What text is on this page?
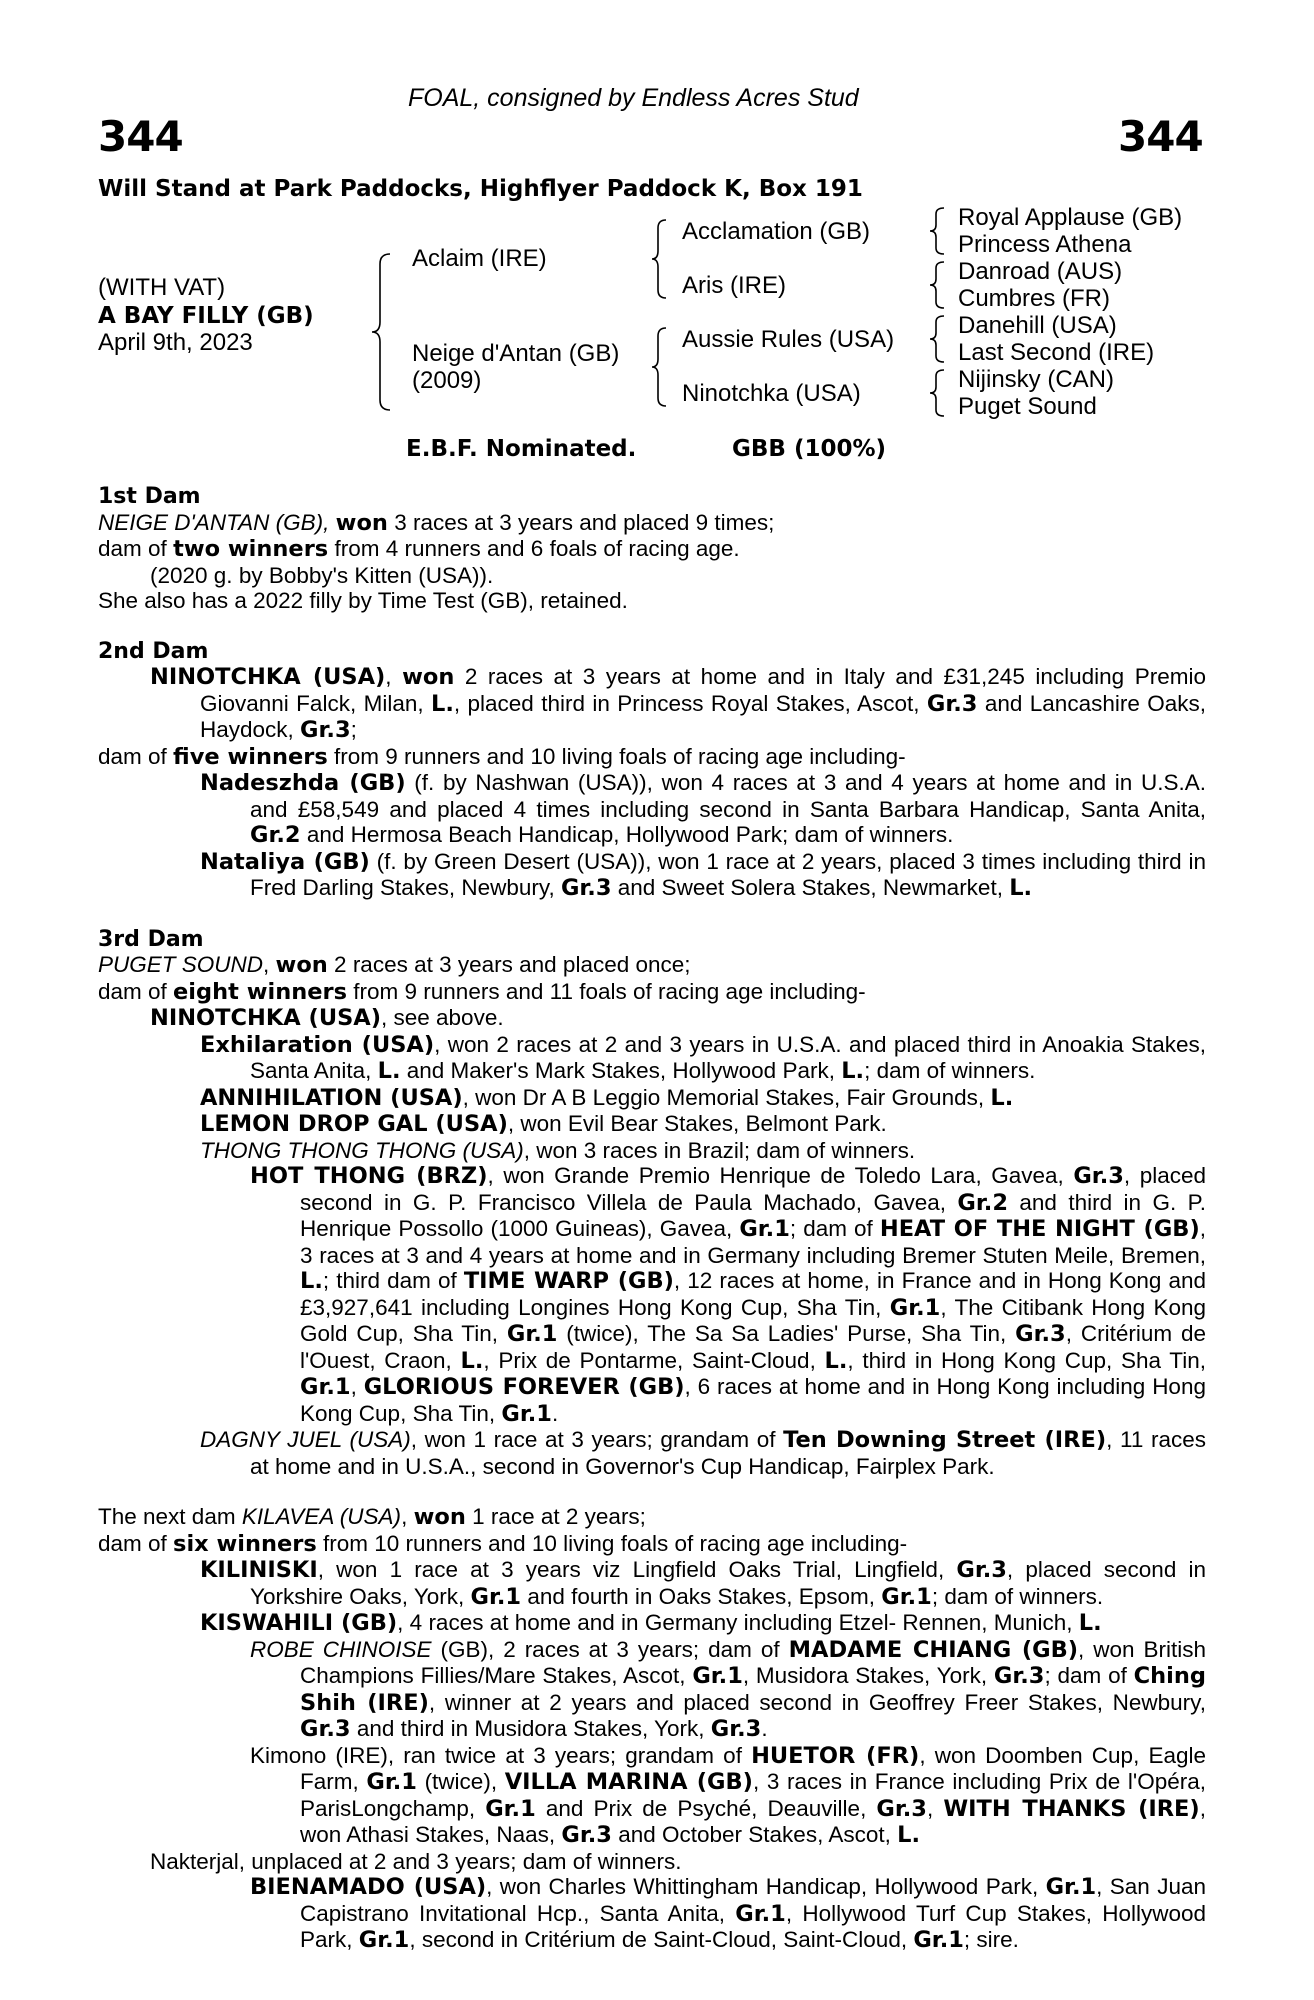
FOAL, consigned by Endless Acres Stud
344	344
Will Stand at Park Paddocks, Highflyer Paddock K, Box 191
(WITH VAT)
A BAY FILLY (GB)
April 9th, 2023
Aclaim (IRE)
Neige d'Antan (GB)
(2009)
Acclamation (GB)
Aris (IRE)
Aussie Rules (USA)
Ninotchka (USA)
Royal Applause (GB)
Princess Athena
Danroad (AUS)
Cumbres (FR)
Danehill (USA)
Last Second (IRE)
Nijinsky (CAN)
Puget Sound
E.B.F. Nominated.	GBB (100%)

1st Dam

NEIGE D'ANTAN (GB), won 3 races at 3 years and placed 9 times;

dam of two winners from 4 runners and 6 foals of racing age.

(2020 g. by Bobby's Kitten (USA)).

She also has a 2022 filly by Time Test (GB), retained.

2nd Dam

NINOTCHKA (USA), won 2 races at 3 years at home and in Italy and £31,245 including Premio Giovanni Falck, Milan, L., placed third in Princess Royal Stakes, Ascot, Gr.3 and Lancashire Oaks, Haydock, Gr.3;

dam of five winners from 9 runners and 10 living foals of racing age including-

Nadeszhda (GB) (f. by Nashwan (USA)), won 4 races at 3 and 4 years at home and in U.S.A. and £58,549 and placed 4 times including second in Santa Barbara Handicap, Santa Anita, Gr.2 and Hermosa Beach Handicap, Hollywood Park; dam of winners.

Nataliya (GB) (f. by Green Desert (USA)), won 1 race at 2 years, placed 3 times including third in Fred Darling Stakes, Newbury, Gr.3 and Sweet Solera Stakes, Newmarket, L.

3rd Dam

PUGET SOUND, won 2 races at 3 years and placed once;

dam of eight winners from 9 runners and 11 foals of racing age including-

NINOTCHKA (USA), see above.

Exhilaration (USA), won 2 races at 2 and 3 years in U.S.A. and placed third in Anoakia Stakes, Santa Anita, L. and Maker's Mark Stakes, Hollywood Park, L.; dam of winners.

ANNIHILATION (USA), won Dr A B Leggio Memorial Stakes, Fair Grounds, L.

LEMON DROP GAL (USA), won Evil Bear Stakes, Belmont Park.

THONG THONG THONG (USA), won 3 races in Brazil; dam of winners.

HOT THONG (BRZ), won Grande Premio Henrique de Toledo Lara, Gavea, Gr.3, placed second in G. P. Francisco Villela de Paula Machado, Gavea, Gr.2 and third in G. P. Henrique Possollo (1000 Guineas), Gavea, Gr.1; dam of HEAT OF THE NIGHT (GB), 3 races at 3 and 4 years at home and in Germany including Bremer Stuten Meile, Bremen, L.; third dam of TIME WARP (GB), 12 races at home, in France and in Hong Kong and £3,927,641 including Longines Hong Kong Cup, Sha Tin, Gr.1, The Citibank Hong Kong Gold Cup, Sha Tin, Gr.1 (twice), The Sa Sa Ladies' Purse, Sha Tin, Gr.3, Critérium de l'Ouest, Craon, L., Prix de Pontarme, Saint-Cloud, L., third in Hong Kong Cup, Sha Tin, Gr.1, GLORIOUS FOREVER (GB), 6 races at home and in Hong Kong including Hong Kong Cup, Sha Tin, Gr.1.

DAGNY JUEL (USA), won 1 race at 3 years; grandam of Ten Downing Street (IRE), 11 races at home and in U.S.A., second in Governor's Cup Handicap, Fairplex Park.

The next dam KILAVEA (USA), won 1 race at 2 years;

dam of six winners from 10 runners and 10 living foals of racing age including-

KILINISKI, won 1 race at 3 years viz Lingfield Oaks Trial, Lingfield, Gr.3, placed second in Yorkshire Oaks, York, Gr.1 and fourth in Oaks Stakes, Epsom, Gr.1; dam of winners.

KISWAHILI (GB), 4 races at home and in Germany including Etzel- Rennen, Munich, L.

ROBE CHINOISE (GB), 2 races at 3 years; dam of MADAME CHIANG (GB), won British Champions Fillies/Mare Stakes, Ascot, Gr.1, Musidora Stakes, York, Gr.3; dam of Ching Shih (IRE), winner at 2 years and placed second in Geoffrey Freer Stakes, Newbury, Gr.3 and third in Musidora Stakes, York, Gr.3.

Kimono (IRE), ran twice at 3 years; grandam of HUETOR (FR), won Doomben Cup, Eagle Farm, Gr.1 (twice), VILLA MARINA (GB), 3 races in France including Prix de l'Opéra, ParisLongchamp, Gr.1 and Prix de Psyché, Deauville, Gr.3, WITH THANKS (IRE), won Athasi Stakes, Naas, Gr.3 and October Stakes, Ascot, L.

Nakterjal, unplaced at 2 and 3 years; dam of winners.

BIENAMADO (USA), won Charles Whittingham Handicap, Hollywood Park, Gr.1, San Juan Capistrano Invitational Hcp., Santa Anita, Gr.1, Hollywood Turf Cup Stakes, Hollywood Park, Gr.1, second in Critérium de Saint-Cloud, Saint-Cloud, Gr.1; sire.
